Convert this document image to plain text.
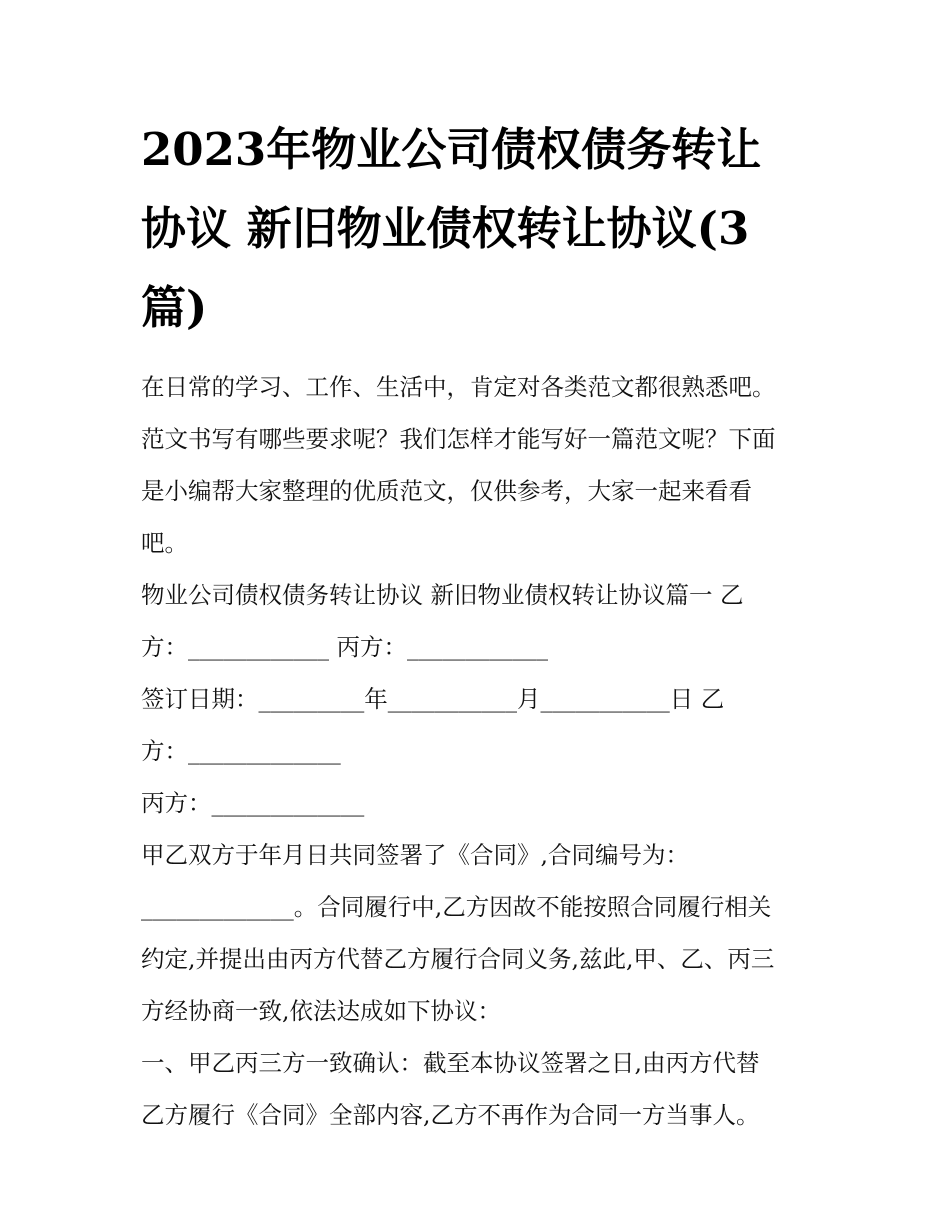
2023年物业公司债权债务转让
协议 新旧物业债权转让协议(3
篇)
在日常的学习、工作、生活中，肯定对各类范文都很熟悉吧。
范文书写有哪些要求呢？我们怎样才能写好一篇范文呢？下面
是小编帮大家整理的优质范文，仅供参考，大家一起来看看
吧。
物业公司债权债务转让协议 新旧物业债权转让协议篇一 乙
方：____________ 丙方：____________
签订日期：_________年___________月___________日 乙
方：_____________
丙方：_____________
甲乙双方于年月日共同签署了《合同》,合同编号为：
_____________。合同履行中,乙方因故不能按照合同履行相关
约定,并提出由丙方代替乙方履行合同义务,兹此,甲、乙、丙三
方经协商一致,依法达成如下协议：
一、甲乙丙三方一致确认：截至本协议签署之日,由丙方代替
乙方履行《合同》全部内容,乙方不再作为合同一方当事人。
